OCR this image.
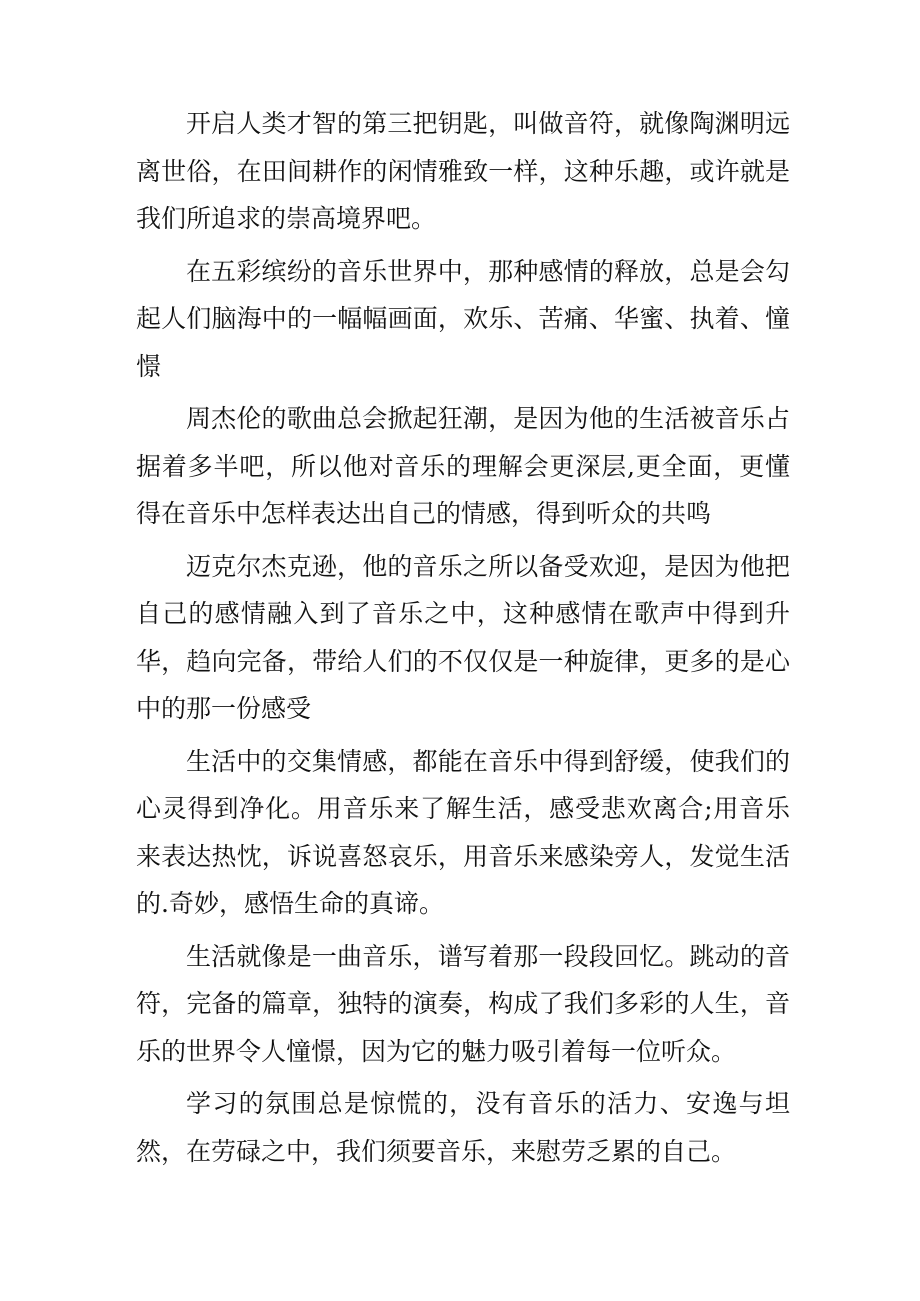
开启人类才智的第三把钥匙，叫做音符，就像陶渊明远离世俗，在田间耕作的闲情雅致一样，这种乐趣，或许就是我们所追求的崇高境界吧。

在五彩缤纷的音乐世界中，那种感情的释放，总是会勾起人们脑海中的一幅幅画面，欢乐、苦痛、华蜜、执着、憧憬

周杰伦的歌曲总会掀起狂潮，是因为他的生活被音乐占据着多半吧，所以他对音乐的理解会更深层,更全面，更懂得在音乐中怎样表达出自己的情感，得到听众的共鸣

迈克尔杰克逊，他的音乐之所以备受欢迎，是因为他把自己的感情融入到了音乐之中，这种感情在歌声中得到升华，趋向完备，带给人们的不仅仅是一种旋律，更多的是心中的那一份感受

生活中的交集情感，都能在音乐中得到舒缓，使我们的心灵得到净化。用音乐来了解生活，感受悲欢离合;用音乐来表达热忱，诉说喜怒哀乐，用音乐来感染旁人，发觉生活的.奇妙，感悟生命的真谛。

生活就像是一曲音乐，谱写着那一段段回忆。跳动的音符，完备的篇章，独特的演奏，构成了我们多彩的人生，音乐的世界令人憧憬，因为它的魅力吸引着每一位听众。

学习的氛围总是惊慌的，没有音乐的活力、安逸与坦然，在劳碌之中，我们须要音乐，来慰劳乏累的自己。
